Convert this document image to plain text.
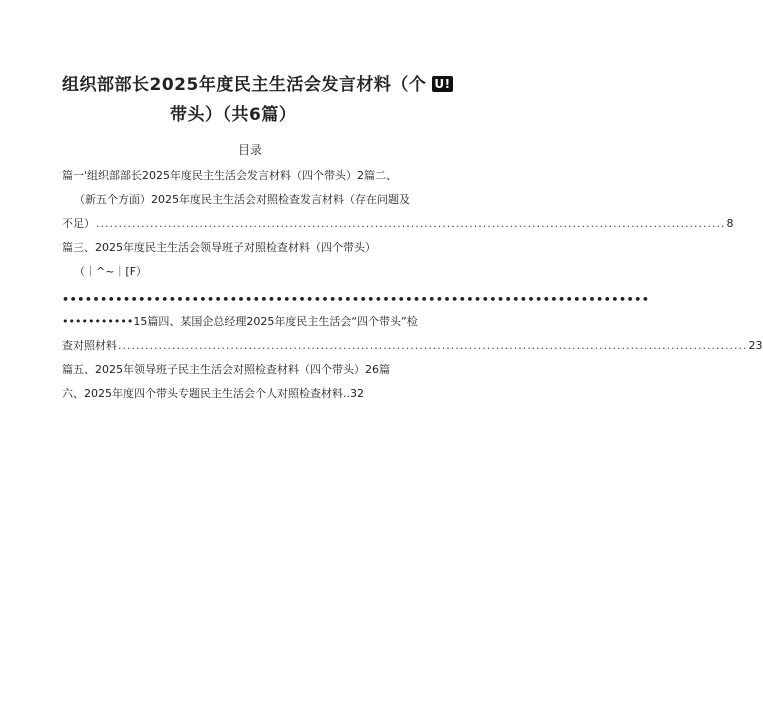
组织部部长2025年度民主生活会发言材料（个 U!
带头）（共6篇）
目录
篇一'组织部部长2025年度民主生活会发言材料（四个带头）2篇二、
（新五个方面）2025年度民主生活会对照检查发言材料（存在问题及
不足） ............................................................................................................................................ 8
篇三、2025年度民主生活会领导班子对照检查材料（四个带头）
（｜^~｜[F）
•••••••••••••••••••••••••••••••••••••••••••••••••••••••••••••••••••••••••••••
•••••••••••15篇四、某国企总经理2025年度民主生活会“四个带头”检
查对照材料 ............................................................................................................................................ 23
篇五、2025年领导班子民主生活会对照检查材料（四个带头）26篇
六、2025年度四个带头专题民主生活会个人对照检查材料..32
